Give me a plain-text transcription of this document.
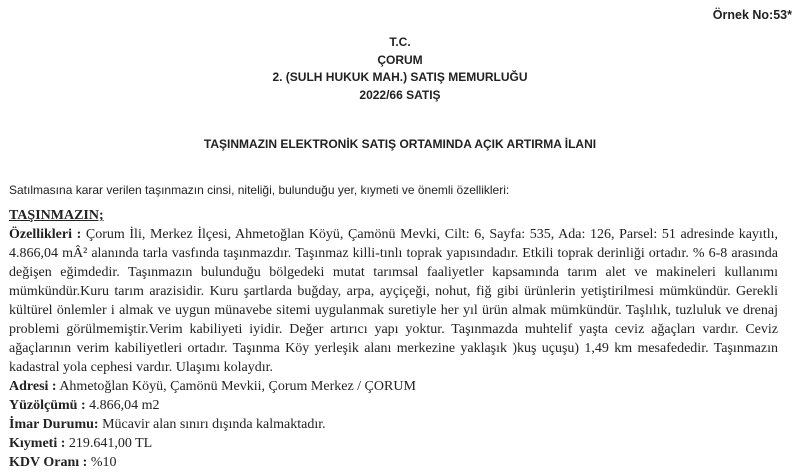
Örnek No:53*
T.C.
ÇORUM
2. (SULH HUKUK MAH.) SATIŞ MEMURLUĞU
2022/66 SATIŞ
TAŞINMAZIN ELEKTRONİK SATIŞ ORTAMINDA AÇIK ARTIRMA İLANI
Satılmasına karar verilen taşınmazın cinsi, niteliği, bulunduğu yer, kıymeti ve önemli özellikleri:
TAŞINMAZIN;

Özellikleri : Çorum İli, Merkez İlçesi, Ahmetoğlan Köyü, Çamönü Mevki, Cilt: 6, Sayfa: 535, Ada: 126, Parsel: 51 adresinde kayıtlı, 4.866,04 mÂ² alanında tarla vasfında taşınmazdır. Taşınmaz killi-tınlı toprak yapısındadır. Etkili toprak derinliği ortadır. % 6-8 arasında değişen eğimdedir. Taşınmazın bulunduğu bölgedeki mutat tarımsal faaliyetler kapsamında tarım alet ve makineleri kullanımı mümkündür.Kuru tarım arazisidir. Kuru şartlarda buğday, arpa, ayçiçeği, nohut, fiğ gibi ürünlerin yetiştirilmesi mümkündür. Gerekli kültürel önlemler i almak ve uygun münavebe sitemi uygulanmak suretiyle her yıl ürün almak mümkündür. Taşlılık, tuzluluk ve drenaj problemi görülmemiştir.Verim kabiliyeti iyidir. Değer artırıcı yapı yoktur. Taşınmazda muhtelif yaşta ceviz ağaçları vardır. Ceviz ağaçlarının verim kabiliyetleri ortadır. Taşınma Köy yerleşik alanı merkezine yaklaşık )kuş uçuşu) 1,49 km mesafededir. Taşınmazın kadastral yola cephesi vardır. Ulaşımı kolaydır.

Adresi : Ahmetoğlan Köyü, Çamönü Mevkii, Çorum Merkez / ÇORUM

Yüzölçümü : 4.866,04 m2

İmar Durumu: Mücavir alan sınırı dışında kalmaktadır.

Kıymeti : 219.641,00 TL

KDV Oranı : %10
